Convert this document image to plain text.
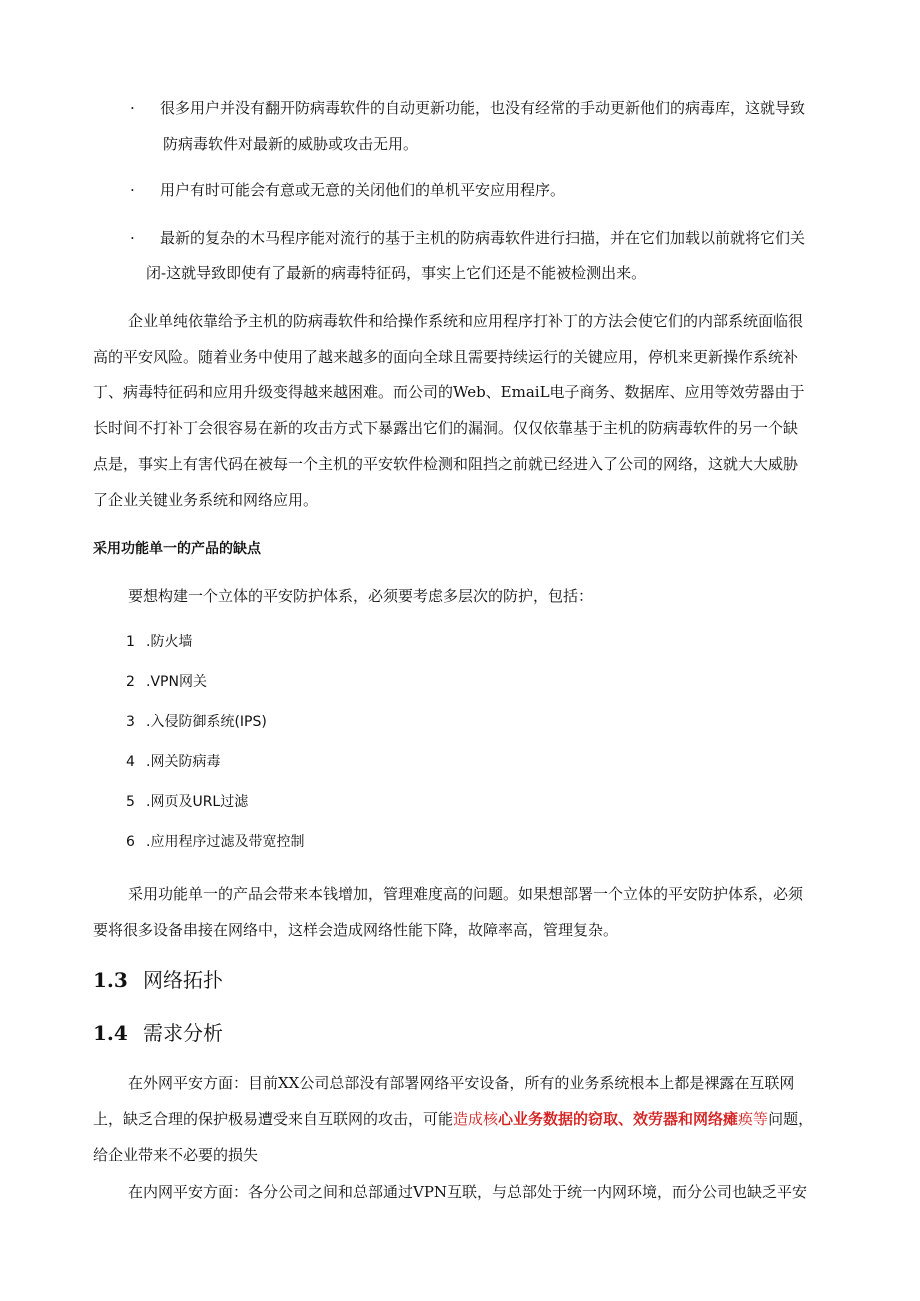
· 很多用户并没有翻开防病毒软件的自动更新功能，也没有经常的手动更新他们的病毒库，这就导致
防病毒软件对最新的威胁或攻击无用。
· 用户有时可能会有意或无意的关闭他们的单机平安应用程序。
· 最新的复杂的木马程序能对流行的基于主机的防病毒软件进行扫描，并在它们加载以前就将它们关
闭-这就导致即使有了最新的病毒特征码，事实上它们还是不能被检测出来。
企业单纯依靠给予主机的防病毒软件和给操作系统和应用程序打补丁的方法会使它们的内部系统面临很
高的平安风险。随着业务中使用了越来越多的面向全球且需要持续运行的关键应用，停机来更新操作系统补
丁、病毒特征码和应用升级变得越来越困难。而公司的Web、EmaiL电子商务、数据库、应用等效劳器由于
长时间不打补丁会很容易在新的攻击方式下暴露出它们的漏洞。仅仅依靠基于主机的防病毒软件的另一个缺
点是，事实上有害代码在被每一个主机的平安软件检测和阻挡之前就已经进入了公司的网络，这就大大威胁
了企业关键业务系统和网络应用。
采用功能单一的产品的缺点
要想构建一个立体的平安防护体系，必须要考虑多层次的防护，包括：
1 .防火墙
2 .VPN网关
3 .入侵防御系统(IPS)
4 .网关防病毒
5 .网页及URL过滤
6 .应用程序过滤及带宽控制
采用功能单一的产品会带来本钱增加，管理难度高的问题。如果想部署一个立体的平安防护体系，必须
要将很多设备串接在网络中，这样会造成网络性能下降，故障率高，管理复杂。
1.3 网络拓扑
1.4 需求分析
在外网平安方面：目前XX公司总部没有部署网络平安设备，所有的业务系统根本上都是裸露在互联网
上，缺乏合理的保护极易遭受来自互联网的攻击，可能造成核心业务数据的窃取、效劳器和网络瘫痪等问题，
给企业带来不必要的损失
在内网平安方面：各分公司之间和总部通过VPN互联，与总部处于统一内网环境，而分公司也缺乏平安
